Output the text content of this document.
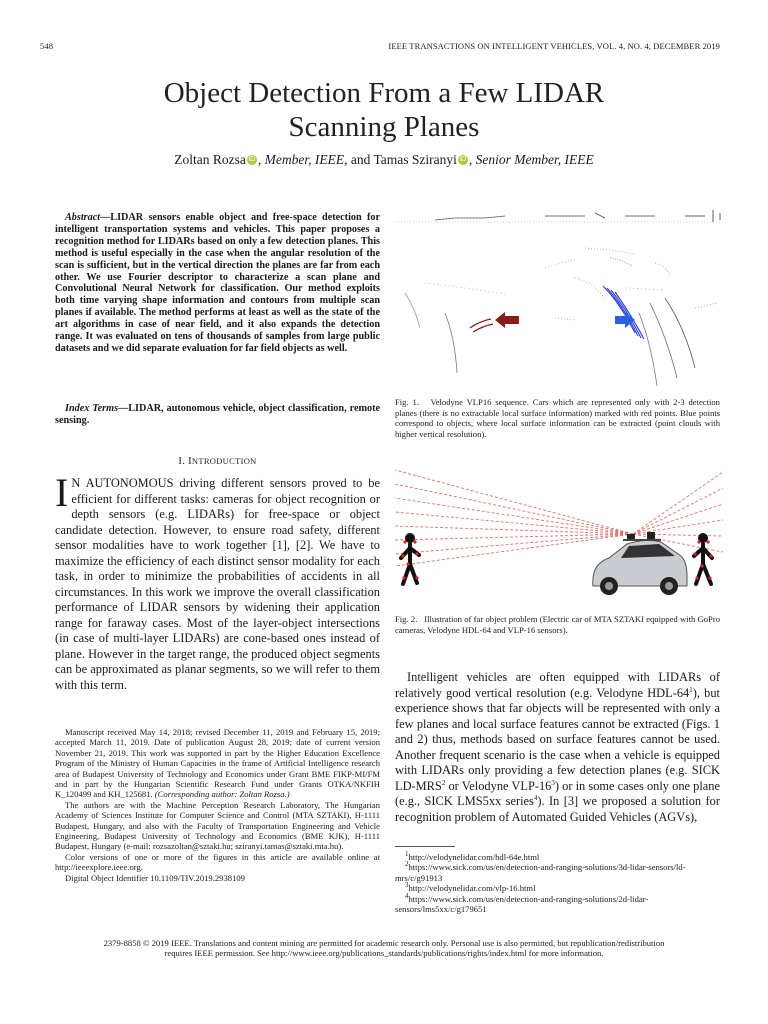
548	IEEE TRANSACTIONS ON INTELLIGENT VEHICLES, VOL. 4, NO. 4, DECEMBER 2019
Object Detection From a Few LIDAR
Scanning Planes
Zoltan Rozsa iD , Member, IEEE, and Tamas Sziranyi iD , Senior Member, IEEE
Abstract—LIDAR sensors enable object and free-space detection for intelligent transportation systems and vehicles. This paper proposes a recognition method for LIDARs based on only a few detection planes. This method is useful especially in the case when the angular resolution of the scan is sufficient, but in the vertical direction the planes are far from each other. We use Fourier descriptor to characterize a scan plane and Convolutional Neural Network for classification. Our method exploits both time varying shape information and contours from multiple scan planes if available. The method performs at least as well as the state of the art algorithms in case of near field, and it also expands the detection range. It was evaluated on tens of thousands of samples from large public datasets and we did separate evaluation for far field objects as well.
Index Terms—LIDAR, autonomous vehicle, object classification, remote sensing.
I. INTRODUCTION
I N AUTONOMOUS driving different sensors proved to be efficient for different tasks: cameras for object recognition or depth sensors (e.g. LIDARs) for free-space or object candidate detection. However, to ensure road safety, different sensor modalities have to work together [1], [2]. We have to maximize the efficiency of each distinct sensor modality for each task, in order to minimize the probabilities of accidents in all circumstances. In this work we improve the overall classification performance of LIDAR sensors by widening their application range for faraway cases. Most of the layer-object intersections (in case of multi-layer LIDARs) are cone-based ones instead of plane. However in the target range, the produced object segments can be approximated as planar segments, so we will refer to them with this term.
Manuscript received May 14, 2018; revised December 11, 2019 and February 15, 2019; accepted March 11, 2019. Date of publication August 28, 2019; date of current version November 21, 2019. This work was supported in part by the Higher Education Excellence Program of the Ministry of Human Capacities in the frame of Artificial Intelligence research area of Budapest University of Technology and Economics under Grant BME FIKP-MI/FM and in part by the Hungarian Scientific Research Fund under Grants OTKA/NKFIH K_120499 and KH_125681. (Corresponding author: Zoltan Rozsa.)
The authors are with the Machine Perception Research Laboratory, The Hungarian Academy of Sciences Institute for Computer Science and Control (MTA SZTAKI), H-1111 Budapest, Hungary, and also with the Faculty of Transportation Engineering and Vehicle Engineering, Budapest University of Technology and Economics (BME KJK), H-1111 Budapest, Hungary (e-mail: rozsazoltan@sztaki.hu; sziranyi.tamas@sztaki.mta.hu).
Color versions of one or more of the figures in this article are available online at http://ieeexplore.ieee.org.
Digital Object Identifier 10.1109/TIV.2019.2938109
Fig. 1. Velodyne VLP16 sequence. Cars which are represented only with 2-3 detection planes (there is no extractable local surface information) marked with red points. Blue points correspond to objects, where local surface information can be extracted (point clouds with higher vertical resolution).
Fig. 2. Illustration of far object problem (Electric car of MTA SZTAKI equipped with GoPro cameras, Velodyne HDL-64 and VLP-16 sensors).
Intelligent vehicles are often equipped with LIDARs of relatively good vertical resolution (e.g. Velodyne HDL-$64^1$), but experience shows that far objects will be represented with only a few planes and local surface features cannot be extracted (Figs. 1 and 2) thus, methods based on surface features cannot be used. Another frequent scenario is the case when a vehicle is equipped with LIDARs only providing a few detection planes (e.g. SICK LD-MRS$^2$ or Velodyne VLP-$16^3$) or in some cases only one plane (e.g., SICK LMS5xx series$^4$). In [3] we proposed a solution for recognition problem of Automated Guided Vehicles (AGVs),
$^1$http://velodynelidar.com/hdl-64e.html
$^2$https://www.sick.com/us/en/detection-and-ranging-solutions/3d-lidar-sensors/ld-mrs/c/g91913
$^3$http://velodynelidar.com/vlp-16.html
$^4$https://www.sick.com/us/en/detection-and-ranging-solutions/2d-lidar-sensors/lms5xx/c/g179651
2379-8858 © 2019 IEEE. Translations and content mining are permitted for academic research only. Personal use is also permitted, but republication/redistribution
requires IEEE permission. See http://www.ieee.org/publications_standards/publications/rights/index.html for more information.
